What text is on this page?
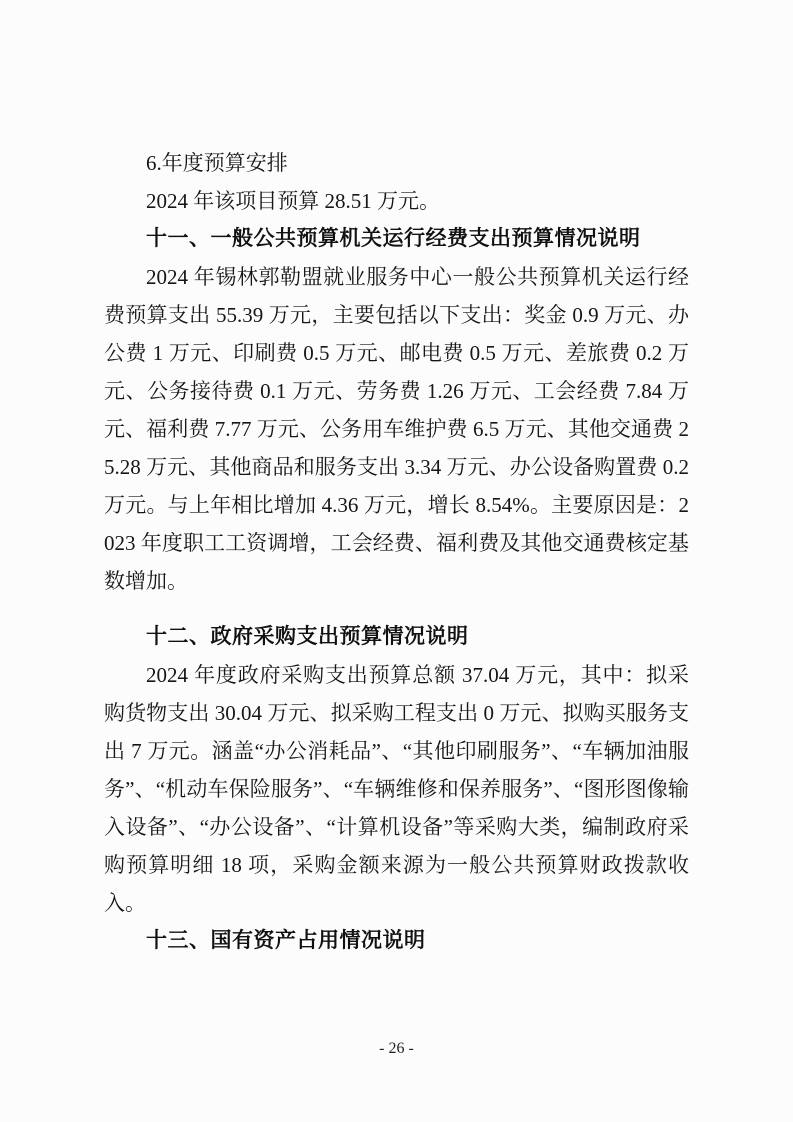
6.年度预算安排

2024 年该项目预算 28.51 万元。

十一、一般公共预算机关运行经费支出预算情况说明

2024 年锡林郭勒盟就业服务中心一般公共预算机关运行经费预算支出 55.39 万元，主要包括以下支出：奖金 0.9 万元、办公费 1 万元、印刷费 0.5 万元、邮电费 0.5 万元、差旅费 0.2 万元、公务接待费 0.1 万元、劳务费 1.26 万元、工会经费 7.84 万元、福利费 7.77 万元、公务用车维护费 6.5 万元、其他交通费 25.28 万元、其他商品和服务支出 3.34 万元、办公设备购置费 0.2 万元。与上年相比增加 4.36 万元，增长 8.54%。主要原因是：2023 年度职工工资调增，工会经费、福利费及其他交通费核定基数增加。

十二、政府采购支出预算情况说明

2024 年度政府采购支出预算总额 37.04 万元，其中：拟采购货物支出 30.04 万元、拟采购工程支出 0 万元、拟购买服务支出 7 万元。涵盖“办公消耗品”、“其他印刷服务”、“车辆加油服务”、“机动车保险服务”、“车辆维修和保养服务”、“图形图像输入设备”、“办公设备”、“计算机设备”等采购大类，编制政府采购预算明细 18 项，采购金额来源为一般公共预算财政拨款收入。

十三、国有资产占用情况说明
- 26 -
